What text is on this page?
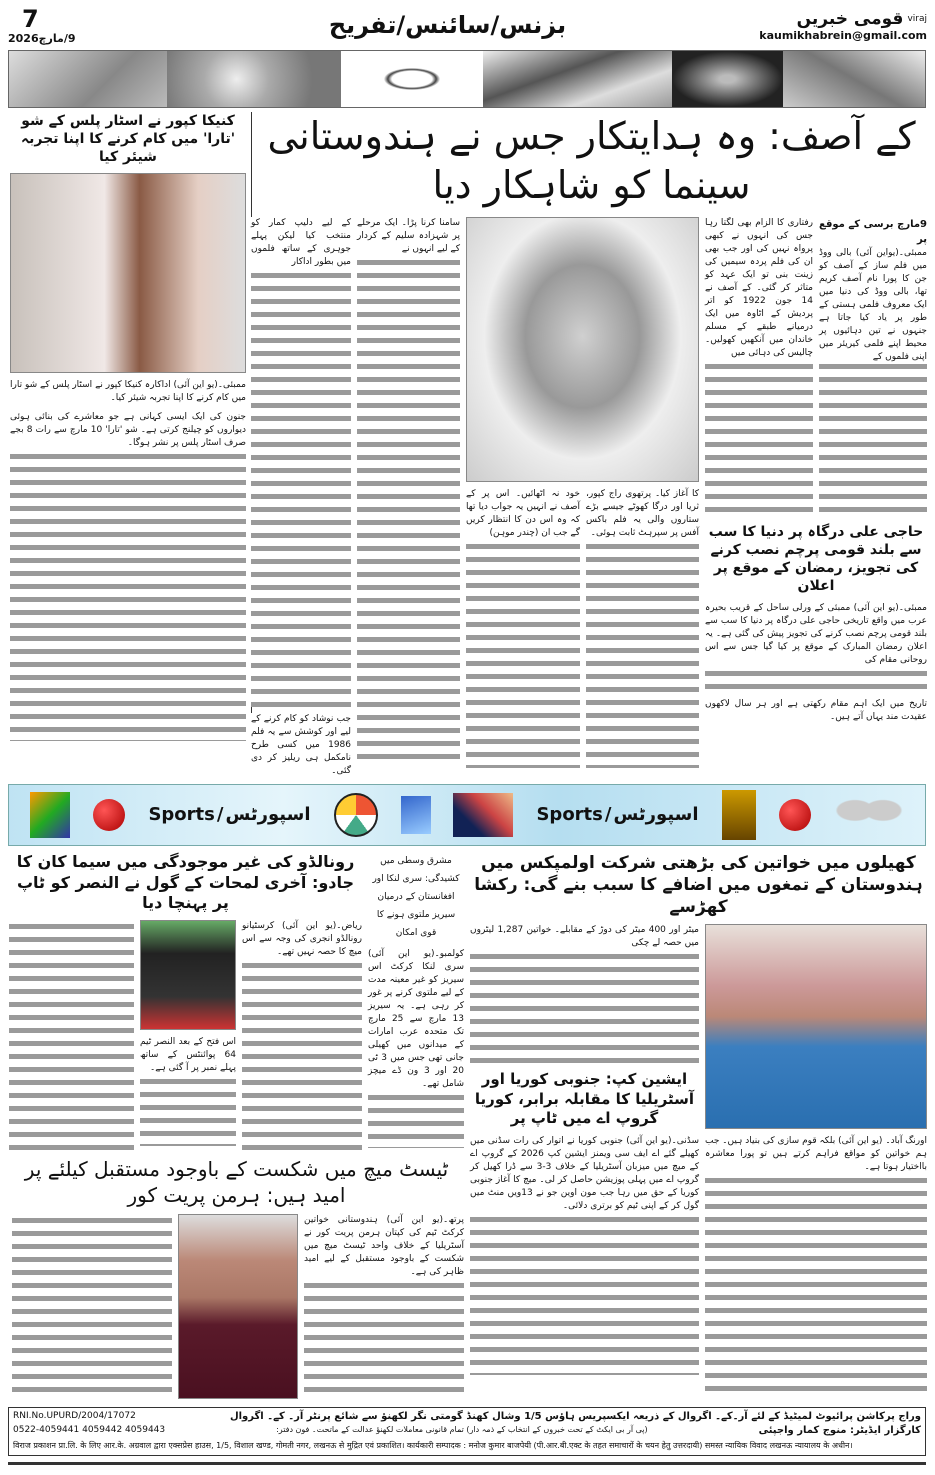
7
9/مارچ2026	بزنس/سائنس/تفریح	قومی خبریں viraj
kaumikhabrein@gmail.com
کے آصف: وہ ہدایتکار جس نے ہندوستانی سینما کو شاہکار دیا
9مارچ برسی کے موقع پر
ممبئی۔(یواین آئی) بالی ووڈ میں فلم ساز کے آصف کو جن کا پورا نام آصف کریم تھا، بالی ووڈ کی دنیا میں ایک معروف فلمی ہستی کے طور پر یاد کیا جاتا ہے جنہوں نے تین دہائیوں پر محیط اپنے فلمی کیریئر میں اپنی فلموں کے
رفتاری کا الزام بھی لگتا رہا جس کی انہوں نے کبھی پرواہ نہیں کی اور جب بھی ان کی فلم پردہ سیمیں کی زینت بنی تو ایک عہد کو متاثر کر گئی۔ کے آصف نے 14 جون 1922 کو اتر پردیش کے اٹاوہ میں ایک درمیانے طبقے کے مسلم خاندان میں آنکھیں کھولیں۔ چالیس کی دہائی میں
حاجی علی درگاہ پر دنیا کا سب سے بلند قومی پرچم نصب کرنے کی تجویز، رمضان کے موقع پر اعلان
ممبئی۔(یو این آئی) ممبئی کے ورلی ساحل کے قریب بحیرہ عرب میں واقع تاریخی حاجی علی درگاہ پر دنیا کا سب سے بلند قومی پرچم نصب کرنے کی تجویز پیش کی گئی ہے۔ یہ اعلان رمضان المبارک کے موقع پر کیا گیا جس سے اس روحانی مقام کی
تاریخ میں ایک اہم مقام رکھتی ہے اور ہر سال لاکھوں عقیدت مند یہاں آتے ہیں۔
کا آغاز کیا۔ پرتھوی راج کپور، ثریا اور درگا کھوٹے جیسے بڑے ستاروں والی یہ فلم باکس آفس پر سپرہٹ ثابت ہوئی۔
خود نہ اٹھائیں۔ اس پر کے آصف نے انہیں یہ جواب دیا تھا کہ وہ اس دن کا انتظار کریں گے جب ان (چندر موہن)
سامنا کرنا پڑا۔ ایک مرحلے پر شہزادہ سلیم کے کردار کے لیے انہوں نے
کے لیے دلیپ کمار کو منتخب کیا لیکن پہلے جوہری کے ساتھ فلموں میں بطور اداکار
جب نوشاد کو کام کرنے کے لیے اور کوشش سے یہ فلم 1986 میں کسی طرح نامکمل ہی ریلیز کر دی گئی۔
کنیکا کپور نے اسٹار پلس کے شو 'تارا' میں کام کرنے کا اپنا تجربہ شیئر کیا
ممبئی۔(یو این آئی) اداکارہ کنیکا کپور نے اسٹار پلس کے شو تارا میں کام کرنے کا اپنا تجربہ شیئر کیا۔
جنون کی ایک ایسی کہانی ہے جو معاشرے کی بنائی ہوئی دیواروں کو چیلنج کرتی ہے۔ شو 'تارا' 10 مارچ سے رات 8 بجے صرف اسٹار پلس پر نشر ہوگا۔
Sports / اسپورٹس	Sports / اسپورٹس
کھیلوں میں خواتین کی بڑھتی شرکت اولمپکس میں ہندوستان کے تمغوں میں اضافے کا سبب بنے گی: رکشا کھڑسے
اورنگ آباد۔ (یو این آئی) بلکہ قوم سازی کی بنیاد ہیں۔ جب ہم خواتین کو مواقع فراہم کرتے ہیں تو پورا معاشرہ بااختیار ہوتا ہے۔
میٹر اور 400 میٹر کی دوڑ کے مقابلے۔ خواتین 1,287 لیٹروں میں حصہ لے چکی
ایشین کپ: جنوبی کوریا اور آسٹریلیا کا مقابلہ برابر، کوریا گروپ اے میں ٹاپ پر
سڈنی۔(یو این آئی) جنوبی کوریا نے اتوار کی رات سڈنی میں کھیلے گئے اے ایف سی ویمنز ایشین کپ 2026 کے گروپ اے کے میچ میں میزبان آسٹریلیا کے خلاف 3-3 سے ڈرا کھیل کر گروپ اے میں پہلی پوزیشن حاصل کر لی۔ میچ کا آغاز جنوبی کوریا کے حق میں رہا جب مون اوین جو نے 13ویں منٹ میں گول کر کے اپنی ٹیم کو برتری دلائی۔
مشرق وسطی میں کشیدگی: سری لنکا اور افغانستان کے درمیان سیریز ملتوی ہونے کا قوی امکان
کولمبو۔(یو این آئی) سری لنکا کرکٹ اس سیریز کو غیر معینہ مدت کے لیے ملتوی کرنے پر غور کر رہی ہے۔ یہ سیریز 13 مارچ سے 25 مارچ تک متحدہ عرب امارات کے میدانوں میں کھیلی جانی تھی جس میں 3 ٹی 20 اور 3 ون ڈے میچز شامل تھے۔
رونالڈو کی غیر موجودگی میں سیما کان کا جادو: آخری لمحات کے گول نے النصر کو ٹاپ پر پہنچا دیا
ریاض۔(یو این آئی) کرسٹیانو رونالڈو انجری کی وجہ سے اس میچ کا حصہ نہیں تھے۔
اس فتح کے بعد النصر ٹیم 64 پوائنٹس کے ساتھ پہلے نمبر پر آ گئی ہے۔
ٹیسٹ میچ میں شکست کے باوجود مستقبل کیلئے پر امید ہیں: ہرمن پریت کور
پرتھ۔(یو این آئی) ہندوستانی خواتین کرکٹ ٹیم کی کپتان ہرمن پریت کور نے آسٹریلیا کے خلاف واحد ٹیسٹ میچ میں شکست کے باوجود مستقبل کے لیے امید ظاہر کی ہے۔
وراج پرکاشن پرائیوٹ لمیٹیڈ کے لئے آر۔کے۔ اگروال کے ذریعہ ایکسپریس ہاؤس 1/5 وشال کھنڈ گومتی نگر لکھنؤ سے شائع پرنٹر آر۔ کے۔ اگروال
RNI.No.UPURD/2004/17072
کارگزار ایڈیٹر: منوج کمار واجپئی
(پی آر بی ایکٹ کے تحت خبروں کے انتخاب کے ذمہ دار) تمام قانونی معاملات لکھنؤ عدالت کے ماتحت۔ فون دفتر:
0522-4059441 4059442 4059443
विराज प्रकाशन प्रा.लि. के लिए आर.के. अग्रवाल द्वारा एक्सप्रेस हाउस, 1/5, विशाल खण्ड, गोमती नगर, लखनऊ से मुद्रित एवं प्रकाशित। कार्यकारी सम्पादक : मनोज कुमार बाजपेयी (पी.आर.बी.एक्ट के तहत समाचारों के चयन हेतु उत्तरदायी) समस्त न्यायिक विवाद लखनऊ न्यायालय के अधीन।
